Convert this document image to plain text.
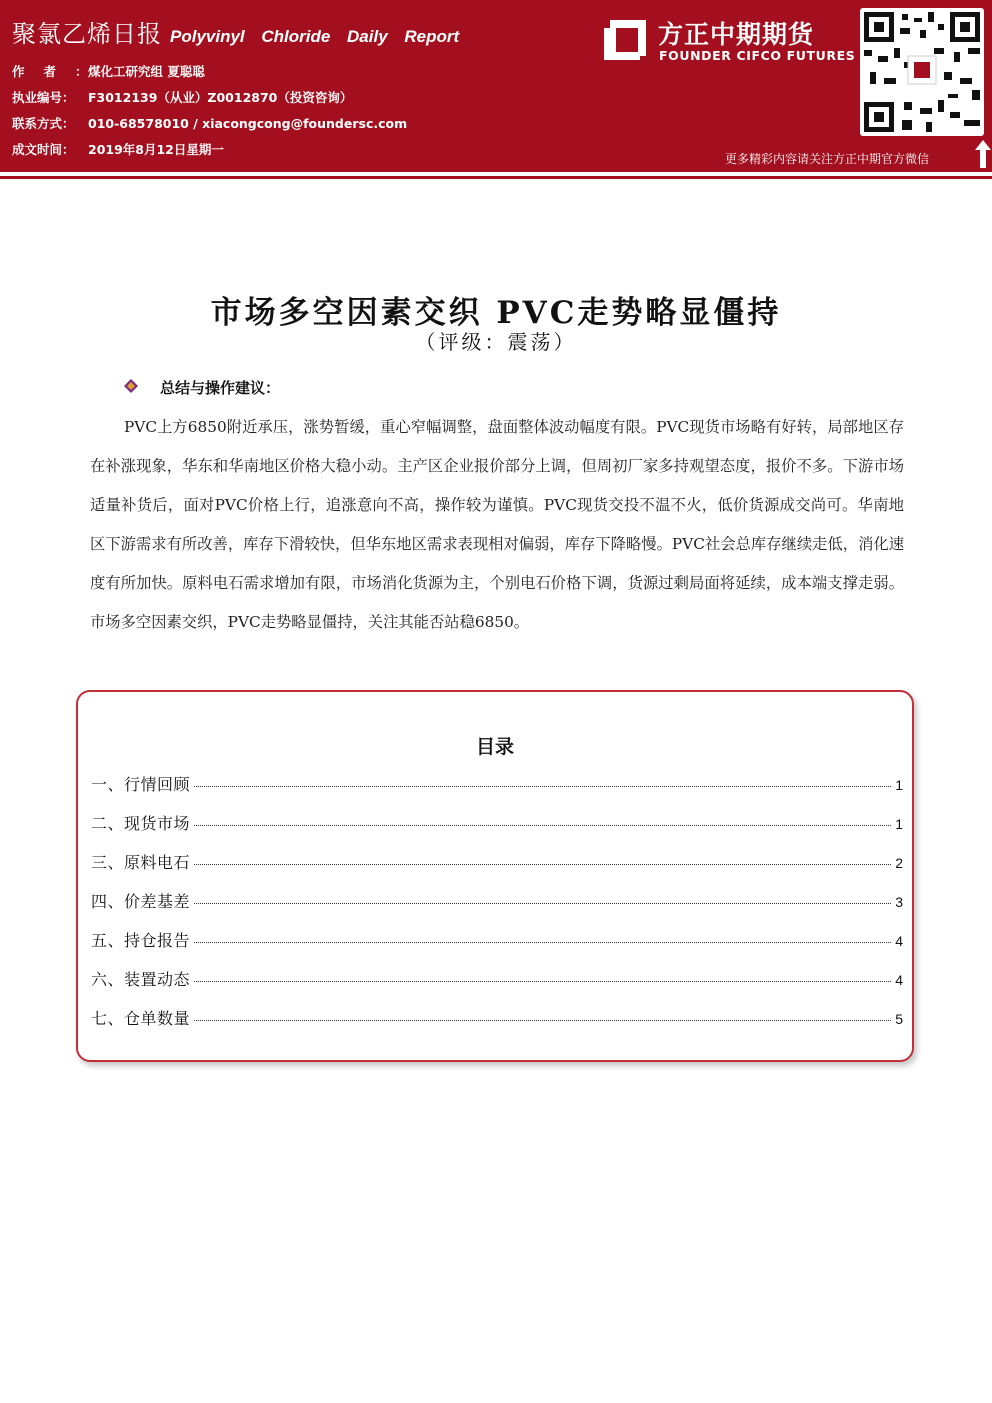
聚氯乙烯日报 Polyvinyl Chloride Daily Report
作者：煤化工研究组 夏聪聪
执业编号： F3012139（从业）Z0012870（投资咨询）
联系方式： 010-68578010 / xiacongcong@foundersc.com
成文时间： 2019年8月12日星期一
方正中期期货
FOUNDER CIFCO FUTURES
更多精彩内容请关注方正中期官方微信
市场多空因素交织 PVC走势略显僵持
（评级：震荡）
总结与操作建议：

PVC上方6850附近承压，涨势暂缓，重心窄幅调整，盘面整体波动幅度有限。PVC现货市场略有好转，局部地区存在补涨现象，华东和华南地区价格大稳小动。主产区企业报价部分上调，但周初厂家多持观望态度，报价不多。下游市场适量补货后，面对PVC价格上行，追涨意向不高，操作较为谨慎。PVC现货交投不温不火，低价货源成交尚可。华南地区下游需求有所改善，库存下滑较快，但华东地区需求表现相对偏弱，库存下降略慢。PVC社会总库存继续走低，消化速度有所加快。原料电石需求增加有限，市场消化货源为主，个别电石价格下调，货源过剩局面将延续，成本端支撑走弱。市场多空因素交织，PVC走势略显僵持，关注其能否站稳6850。

目录
一、行情回顾	1
二、现货市场	1
三、原料电石	2
四、价差基差	3
五、持仓报告	4
六、装置动态	4
七、仓单数量	5
